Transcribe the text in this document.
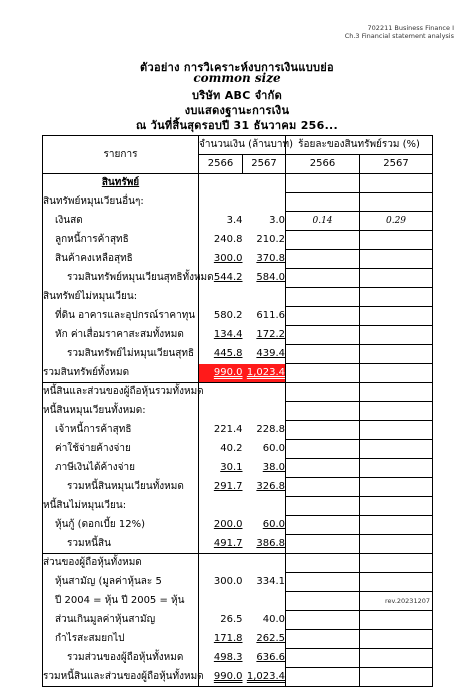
702211 Business Finance I
Ch.3 Financial statement analysis
ตัวอย่าง การวิเคราะห์งบการเงินแบบย่อ
common size
บริษัท ABC จำกัด
งบแสดงฐานะการเงิน
ณ วันที่สิ้นสุดรอบปี 31 ธันวาคม 256...
รายการ	จำนวนเงิน (ล้านบาท)		ร้อยละของสินทรัพย์รวม (%)	
	2566	2567	2566	2567
สินทรัพย์				
สินทรัพย์หมุนเวียนอื่นๆ:				
เงินสด	3.4	3.0	0.14	0.29
ลูกหนี้การค้าสุทธิ	240.8	210.2		
สินค้าคงเหลือสุทธิ	300.0	370.8		
รวมสินทรัพย์หมุนเวียนสุทธิทั้งหมด	544.2	584.0		
สินทรัพย์ไม่หมุนเวียน:				
ที่ดิน อาคารและอุปกรณ์ราคาทุน	580.2	611.6		
หัก ค่าเสื่อมราคาสะสมทั้งหมด	134.4	172.2		
รวมสินทรัพย์ไม่หมุนเวียนสุทธิ	445.8	439.4		
รวมสินทรัพย์ทั้งหมด	990.0	1,023.4		
หนี้สินและส่วนของผู้ถือหุ้นรวมทั้งหมด				
หนี้สินหมุนเวียนทั้งหมด:				
เจ้าหนี้การค้าสุทธิ	221.4	228.8		
ค่าใช้จ่ายค้างจ่าย	40.2	60.0		
ภาษีเงินได้ค้างจ่าย	30.1	38.0		
รวมหนี้สินหมุนเวียนทั้งหมด	291.7	326.8		
หนี้สินไม่หมุนเวียน:				
หุ้นกู้ (ดอกเบี้ย 12%)	200.0	60.0		
รวมหนี้สิน	491.7	386.8		
ส่วนของผู้ถือหุ้นทั้งหมด				
หุ้นสามัญ (มูลค่าหุ้นละ 5	300.0	334.1		
ปี 2004 = หุ้น ปี 2005 = หุ้น				
ส่วนเกินมูลค่าหุ้นสามัญ	26.5	40.0		
กำไรสะสมยกไป	171.8	262.5		
รวมส่วนของผู้ถือหุ้นทั้งหมด	498.3	636.6		
รวมหนี้สินและส่วนของผู้ถือหุ้นทั้งหมด	990.0	1,023.4		
rev.20231207
